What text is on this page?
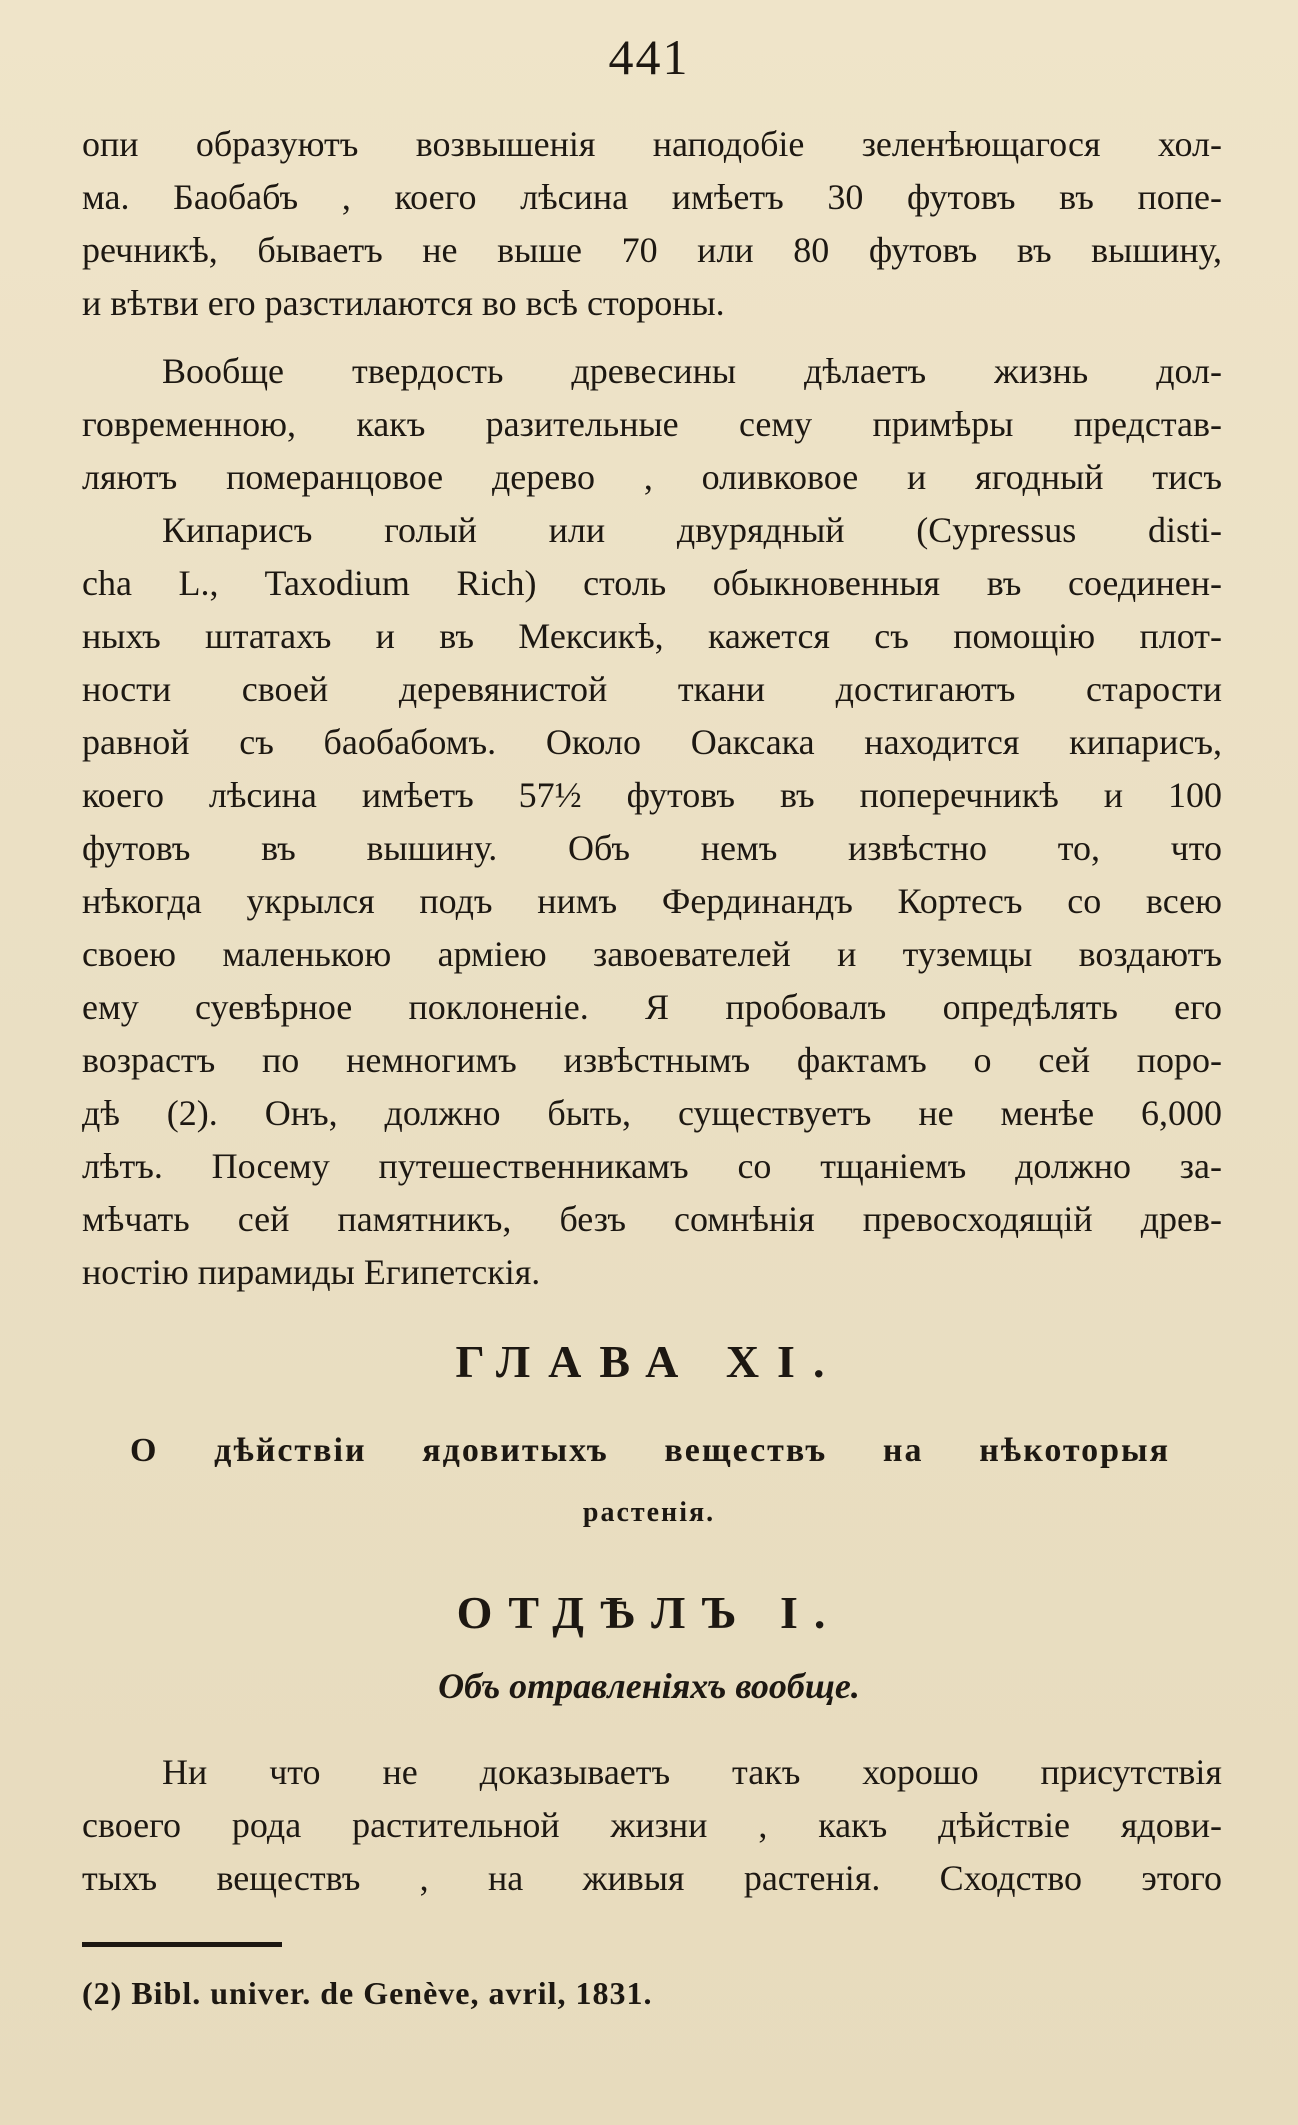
441
опи образуютъ возвышенія наподобіе зеленѣющагося хол-
ма. Баобабъ , коего лѣсина имѣетъ 30 футовъ въ попе-
речникѣ, бываетъ не выше 70 или 80 футовъ въ вышину,
и вѣтви его разстилаются во всѣ стороны.
Вообще твердость древесины дѣлаетъ жизнь дол-
говременною, какъ разительные сему примѣры представ-
ляютъ померанцовое дерево , оливковое и ягодный тисъ
Кипарисъ голый или двурядный (Cypressus disti-
cha L., Taxodium Rich) столь обыкновенныя въ соединен-
ныхъ штатахъ и въ Мексикѣ, кажется съ помощію плот-
ности своей деревянистой ткани достигаютъ старости
равной съ баобабомъ. Около Оаксака находится кипарисъ,
коего лѣсина имѣетъ 57½ футовъ въ поперечникѣ и 100
футовъ въ вышину. Объ немъ извѣстно то, что
нѣкогда укрылся подъ нимъ Фердинандъ Кортесъ со всею
своею маленькою арміею завоевателей и туземцы воздаютъ
ему суевѣрное поклоненіе. Я пробовалъ опредѣлять его
возрастъ по немногимъ извѣстнымъ фактамъ о сей поро-
дѣ (2). Онъ, должно быть, существуетъ не менѣе 6,000
лѣтъ. Посему путешественникамъ со тщаніемъ должно за-
мѣчать сей памятникъ, безъ сомнѣнія превосходящій древ-
ностію пирамиды Египетскія.
ГЛАВА XI.
О дѣйствіи ядовитыхъ веществъ на нѣкоторыя
растенія.
ОТДѢЛЪ I.
Объ отравленіяхъ вообще.
Ни что не доказываетъ такъ хорошо присутствія
своего рода растительной жизни , какъ дѣйствіе ядови-
тыхъ веществъ , на живыя растенія. Сходство этого
(2) Bibl. univer. de Genève, avril, 1831.
